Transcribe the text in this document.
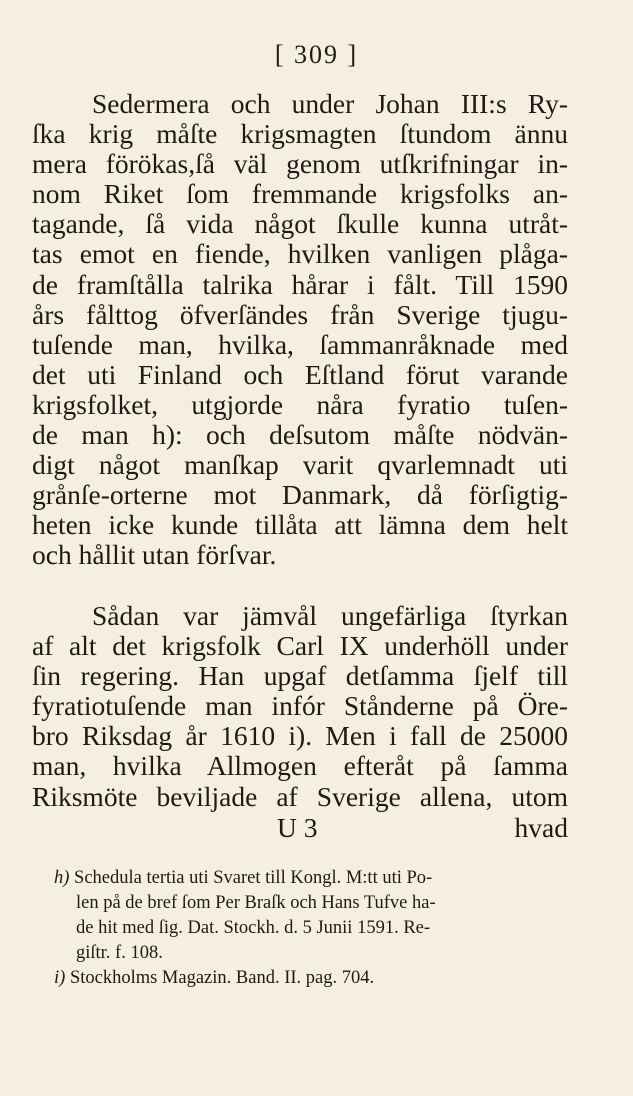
[ 309 ]
Sedermera och under Johan III:s Ry-
ſka krig måſte krigsmagten ſtundom ännu
mera förökas,ſå väl genom utſkrifningar in-
nom Riket ſom fremmande krigsfolks an-
tagande, ſå vida något ſkulle kunna utråt-
tas emot en fiende, hvilken vanligen plåga-
de framſtålla talrika hårar i fålt. Till 1590
års fålttog öfverſändes från Sverige tjugu-
tuſende man, hvilka, ſammanråknade med
det uti Finland och Eſtland förut varande
krigsfolket, utgjorde nåra fyratio tuſen-
de man h): och deſsutom måſte nödvän-
digt något manſkap varit qvarlemnadt uti
grånſe-orterne mot Danmark, då förſigtig-
heten icke kunde tillåta att lämna dem helt
och hållit utan förſvar.
Sådan var jämvål ungefärliga ſtyrkan
af alt det krigsfolk Carl IX underhöll under
ſin regering. Han upgaf detſamma ſjelf till
fyratiotuſende man infór Stånderne på Öre-
bro Riksdag år 1610 i). Men i fall de 25000
man, hvilka Allmogen efteråt på ſamma
Riksmöte beviljade af Sverige allena, utom
U 3	hvad
h) Schedula tertia uti Svaret till Kongl. M:tt uti Po-
len på de bref ſom Per Braſk och Hans Tufve ha-
de hit med ſig. Dat. Stockh. d. 5 Junii 1591. Re-
giſtr. f. 108.
i) Stockholms Magazin. Band. II. pag. 704.
